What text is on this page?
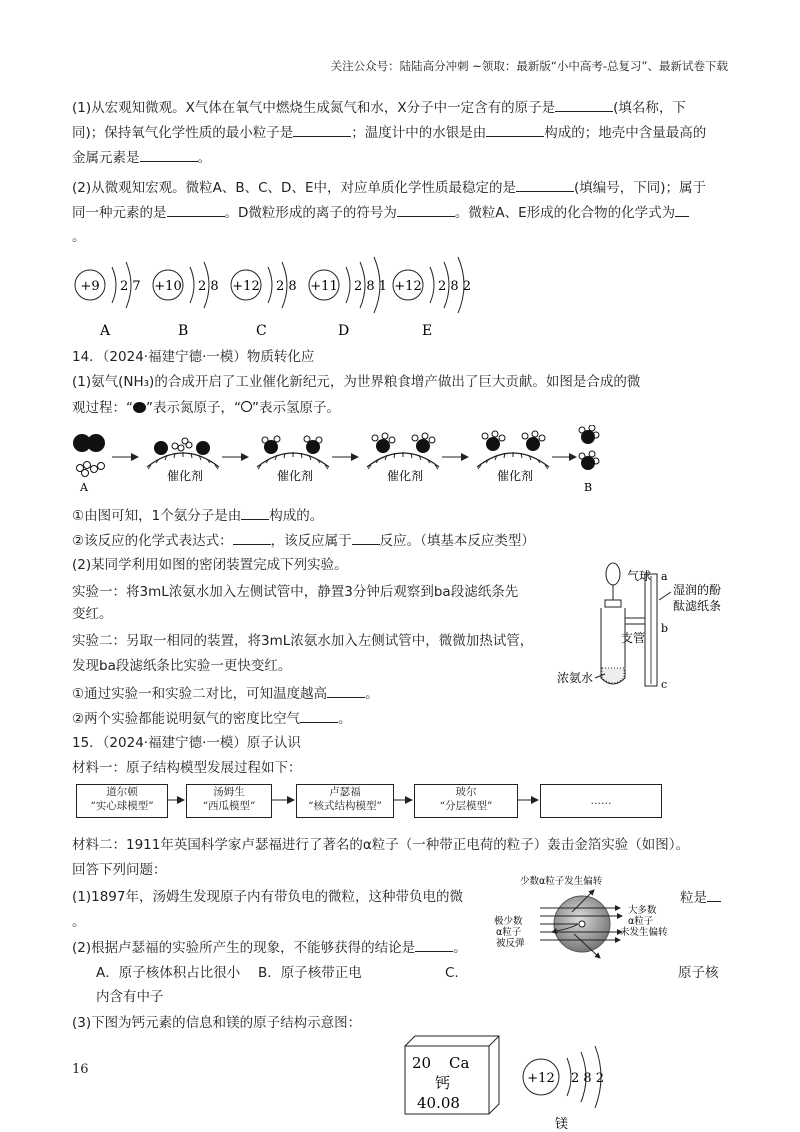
关注公众号：陆陆高分冲刺 ~领取：最新版“小中高考-总复习”、最新试卷下载
(1)从宏观知微观。X气体在氧气中燃烧生成氮气和水，X分子中一定含有的原子是	(填名称，下
同)；保持氧气化学性质的最小粒子是	；温度计中的水银是由	构成的；地壳中含量最高的
金属元素是	。
(2)从微观知宏观。微粒A、B、C、D、E中，对应单质化学性质最稳定的是	(填编号，下同)；属于
同一种元素的是	。D微粒形成的离子的符号为	。微粒A、E形成的化合物的化学式为
。
+9 2 7
A
+10 2 8
B
+12 2 8
C
+11 2 8 1
D
+12 2 8 2
E
14．（2024·福建宁德·一模）物质转化应
(1)氨气(NH₃)的合成开启了工业催化新纪元，为世界粮食增产做出了巨大贡献。如图是合成的微
观过程：“ ”表示氮原子，“ ”表示氢原子。
A
催化剂	催化剂	催化剂	催化剂
B
①由图可知，1个氨分子是由 构成的。
②该反应的化学式表达式：	，该反应属于 反应。（填基本反应类型）
(2)某同学利用如图的密闭装置完成下列实验。
实验一：将3mL浓氨水加入左侧试管中，静置3分钟后观察到ba段滤纸条先
变红。
实验二：另取一相同的装置，将3mL浓氨水加入左侧试管中，微微加热试管，
发现ba段滤纸条比实验一更快变红。
①通过实验一和实验二对比，可知温度越高	。
②两个实验都能说明氨气的密度比空气	。
气球
支管
a
b
c
湿润的酚
酞滤纸条
浓氨水
15．（2024·福建宁德·一模）原子认识
材料一：原子结构模型发展过程如下：
道尔顿
“实心球模型”
汤姆生
“西瓜模型”
卢瑟福
“核式结构模型”
玻尔
“分层模型”	……
材料二：1911年英国科学家卢瑟福进行了著名的α粒子（一种带正电荷的粒子）轰击金箔实验（如图）。
回答下列问题：
(1)1897年，汤姆生发现原子内有带负电的微粒，这种带负电的微	粒是
。
(2)根据卢瑟福的实验所产生的现象，不能够获得的结论是	。
A．原子核体积占比很小 B．原子核带正电	C.	原子核
内含有中子
(3)下图为钙元素的信息和镁的原子结构示意图：
少数α粒子发生偏转
大多数
α粒子
未发生偏转
极少数
α粒子
被反弹
20 Ca
钙
40.08
+12 2 8 2
镁
16
